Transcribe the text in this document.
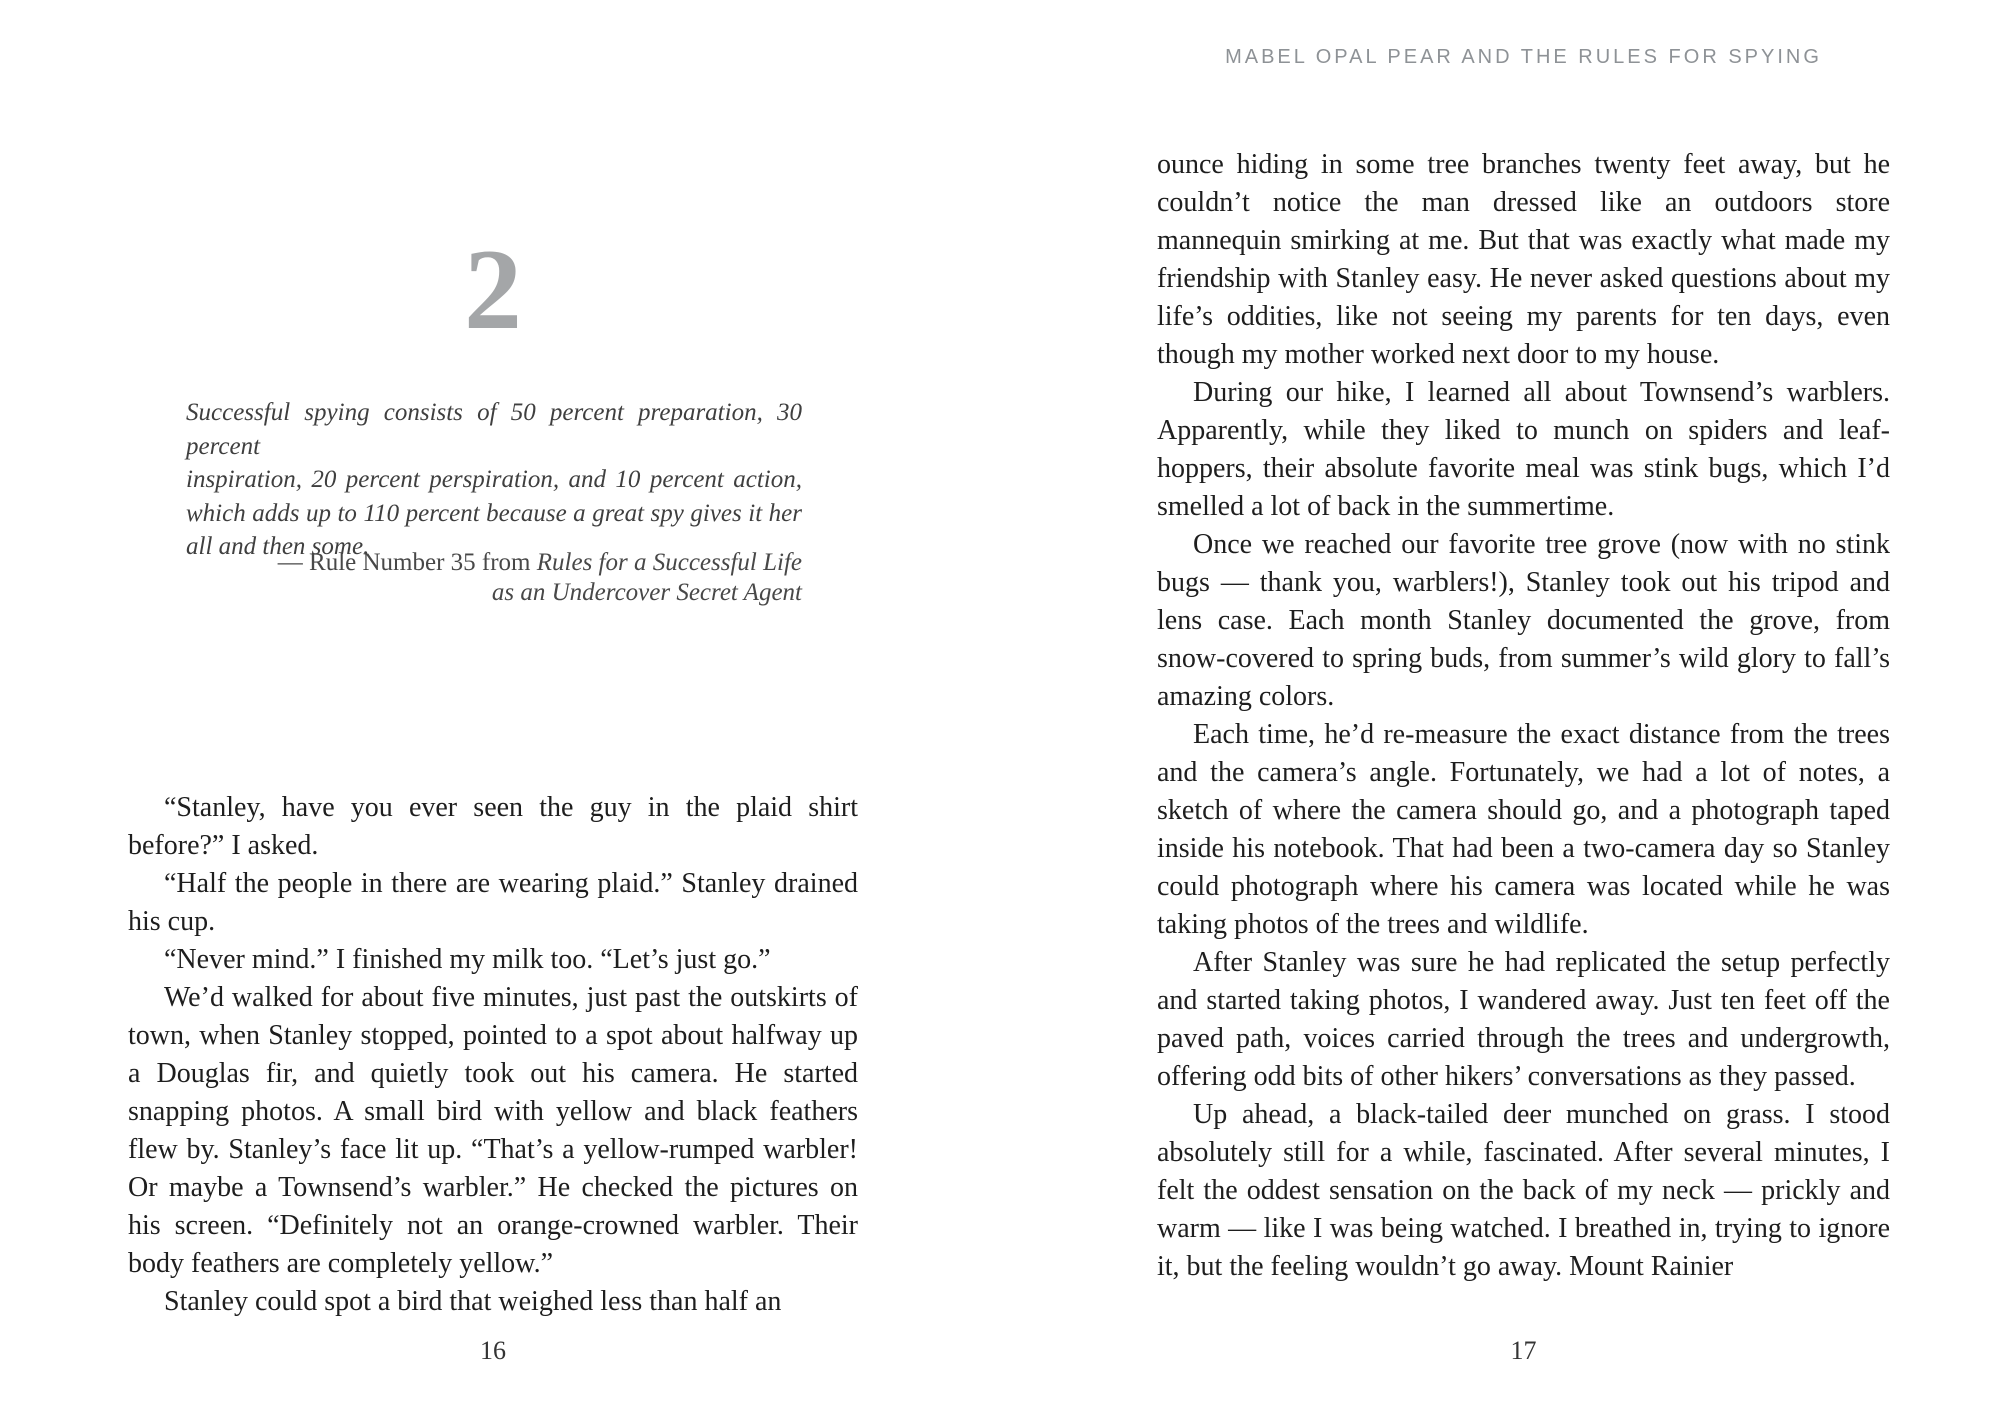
2
Successful spying consists of 50 percent preparation, 30 percent
inspiration, 20 percent perspiration, and 10 percent action,
which adds up to 110 percent because a great spy gives it her
all and then some.
— Rule Number 35 from Rules for a Successful Life
as an Undercover Secret Agent

“Stanley, have you ever seen the guy in the plaid shirt before?” I asked.

“Half the people in there are wearing plaid.” Stanley drained his cup.

“Never mind.” I finished my milk too. “Let’s just go.”

We’d walked for about five minutes, just past the outskirts of town, when Stanley stopped, pointed to a spot about halfway up a Douglas fir, and quietly took out his camera. He started snapping photos. A small bird with yellow and black feathers flew by. Stanley’s face lit up. “That’s a yellow-rumped warbler! Or maybe a Townsend’s warbler.” He checked the pictures on his screen. “Definitely not an orange-crowned warbler. Their body feathers are completely yellow.”

Stanley could spot a bird that weighed less than half an

16
MABEL OPAL PEAR AND THE RULES FOR SPYING

ounce hiding in some tree branches twenty feet away, but he couldn’t notice the man dressed like an outdoors store mannequin smirking at me. But that was exactly what made my friendship with Stanley easy. He never asked questions about my life’s oddities, like not seeing my parents for ten days, even though my mother worked next door to my house.

During our hike, I learned all about Townsend’s warblers. Apparently, while they liked to munch on spiders and leaf-hoppers, their absolute favorite meal was stink bugs, which I’d smelled a lot of back in the summertime.

Once we reached our favorite tree grove (now with no stink bugs — thank you, warblers!), Stanley took out his tripod and lens case. Each month Stanley documented the grove, from snow-covered to spring buds, from summer’s wild glory to fall’s amazing colors.

Each time, he’d re-measure the exact distance from the trees and the camera’s angle. Fortunately, we had a lot of notes, a sketch of where the camera should go, and a photograph taped inside his notebook. That had been a two-camera day so Stanley could photograph where his camera was located while he was taking photos of the trees and wildlife.

After Stanley was sure he had replicated the setup perfectly and started taking photos, I wandered away. Just ten feet off the paved path, voices carried through the trees and undergrowth, offering odd bits of other hikers’ conversations as they passed.

Up ahead, a black-tailed deer munched on grass. I stood absolutely still for a while, fascinated. After several minutes, I felt the oddest sensation on the back of my neck — prickly and warm — like I was being watched. I breathed in, trying to ignore it, but the feeling wouldn’t go away. Mount Rainier

17
